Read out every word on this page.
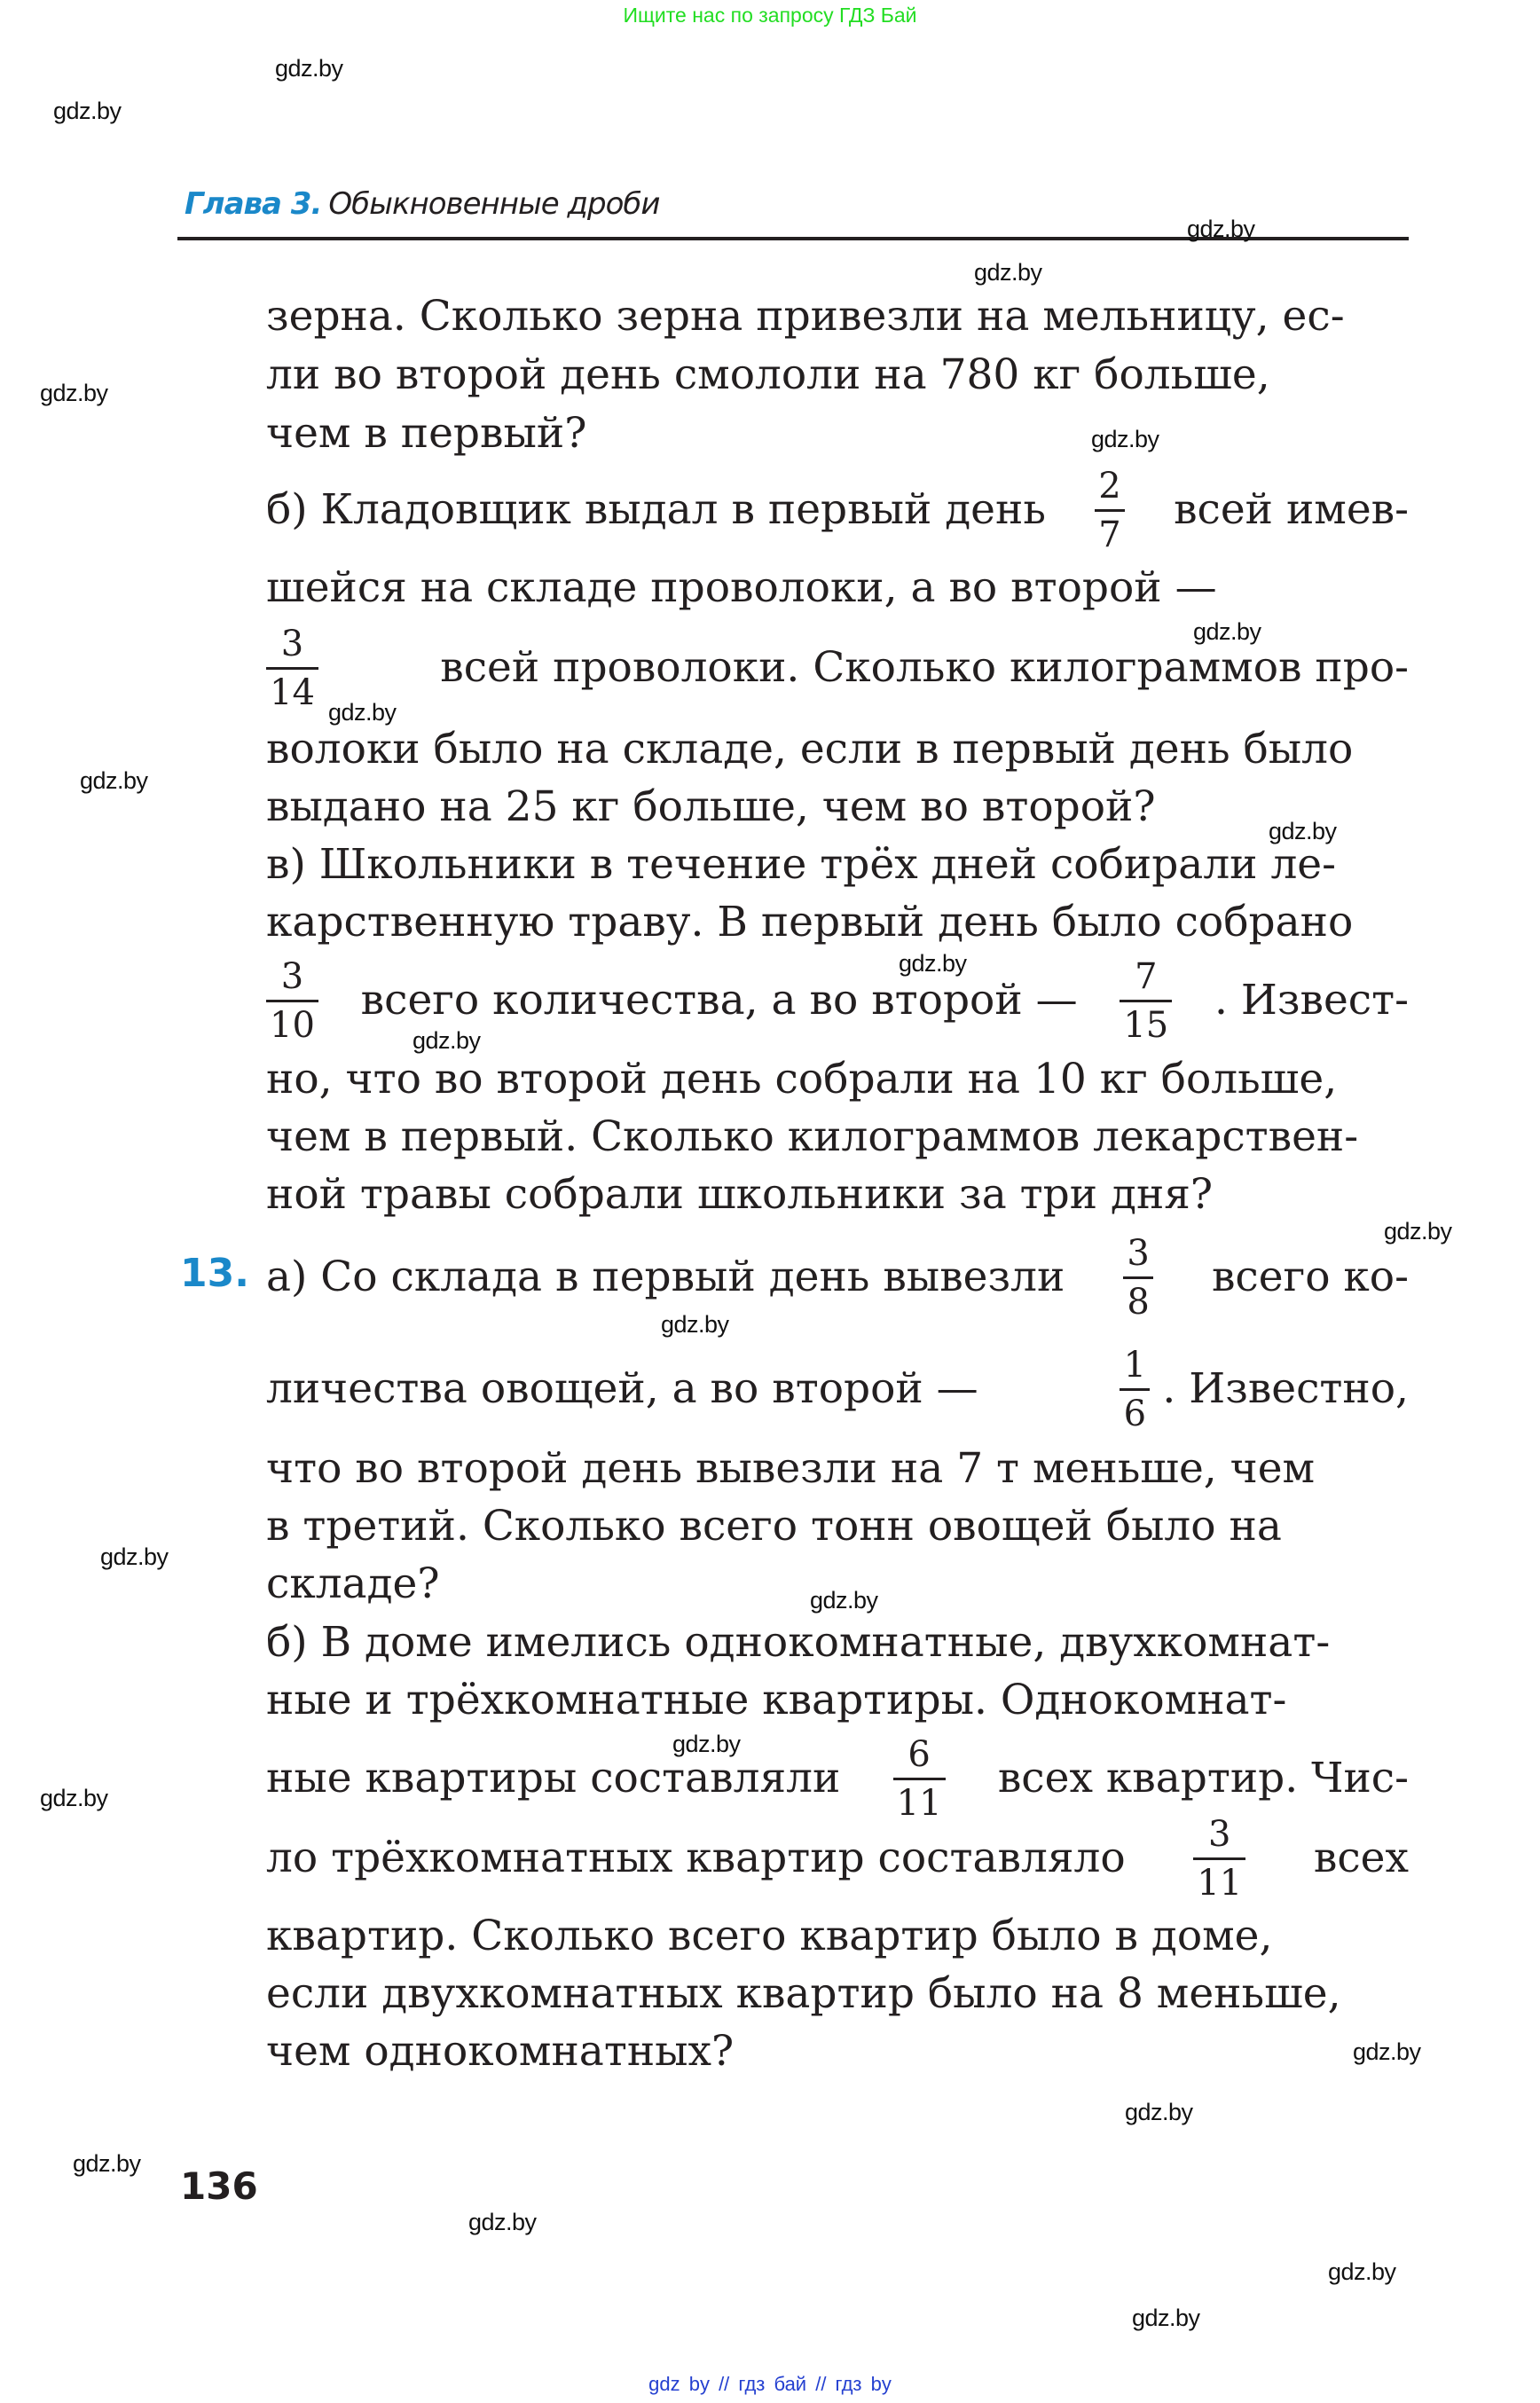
Ищите нас по запросу ГДЗ Бай
Глава 3. Обыкновенные дроби
зерна. Сколько зерна привезли на мельницу, ес-
ли во второй день смололи на 780 кг больше,
чем в первый?
б) Кладовщик выдал в первый день $\frac{2}{7}$ всей имев-
шейся на складе проволоки, а во второй —
$\frac{3}{14}$	всей проволоки. Сколько килограммов про-
волоки было на складе, если в первый день было
выдано на 25 кг больше, чем во второй?
в) Школьники в течение трёх дней собирали ле-
карственную траву. В первый день было собрано
$\frac{3}{10}$ всего количества, а во второй — $\frac{7}{15}$ . Извест-
но, что во второй день собрали на 10 кг больше,
чем в первый. Сколько килограммов лекарствен-
ной травы собрали школьники за три дня?
13. а) Со склада в первый день вывезли $\frac{3}{8}$ всего ко-
личества овощей, а во второй —	$\frac{1}{6}$ . Известно,
что во второй день вывезли на 7 т меньше, чем
в третий. Сколько всего тонн овощей было на
складе?
б) В доме имелись однокомнатные, двухкомнат-
ные и трёхкомнатные квартиры. Однокомнат-
ные квартиры составляли $\frac{6}{11}$ всех квартир. Чис-
ло трёхкомнатных квартир составляло $\frac{3}{11}$ всех
квартир. Сколько всего квартир было в доме,
если двухкомнатных квартир было на 8 меньше,
чем однокомнатных?
136
gdz.by
gdz.by
gdz.by
gdz.by
gdz.by
gdz.by
gdz.by
gdz.by
gdz.by
gdz.by
gdz.by
gdz.by
gdz.by
gdz.by
gdz.by
gdz.by
gdz.by
gdz.by
gdz.by
gdz.by
gdz.by
gdz.by
gdz.by
gdz.by
gdz by // гдз бай // гдз by
